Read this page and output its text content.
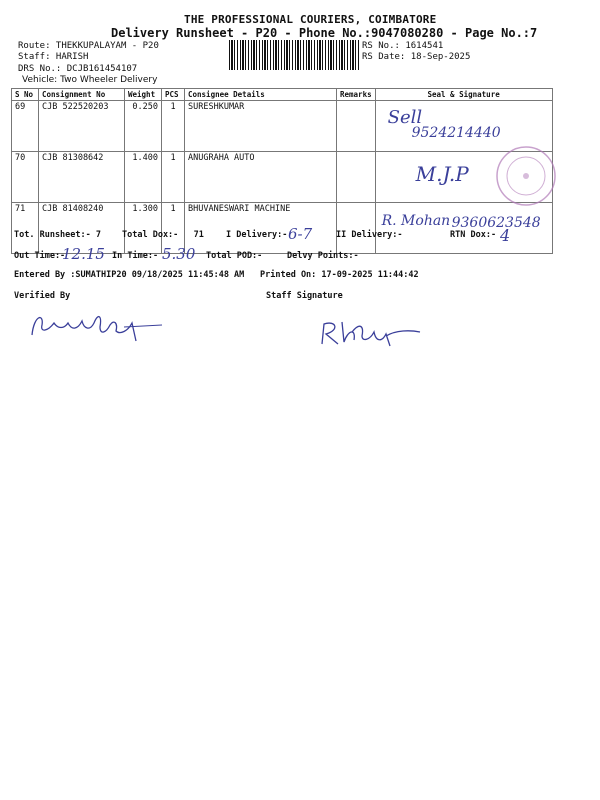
THE PROFESSIONAL COURIERS, COIMBATORE
Delivery Runsheet - P20 - Phone No.:9047080280 - Page No.:7
Route: THEKKUPALAYAM - P20
Staff: HARISH
DRS No.: DCJB161454107
Vehicle: Two Wheeler Delivery
RS No.: 1614541
RS Date: 18-Sep-2025
S No	Consignment No	Weight	PCS	Consignee Details	Remarks	Seal & Signature
69	CJB 522520203	0.250	1	SURESHKUMAR		Sell
9524214440

70	CJB 81308642	1.400	1	ANUGRAHA AUTO		M.J.P

71	CJB 81408240	1.300	1	BHUVANESWARI MACHINE		R. Mohan 9360623548
Tot. Runsheet:- 7 Total Dox:-   71	I Delivery:- 6-7	II Delivery:-	RTN Dox:- 4
Out Time:-
12.15 In Time:- 5.30 Total POD:-	Delvy Points:-
Entered By :SUMATHIP20 09/18/2025 11:45:48 AM Printed On: 17-09-2025 11:44:42
Verified By	Staff Signature
